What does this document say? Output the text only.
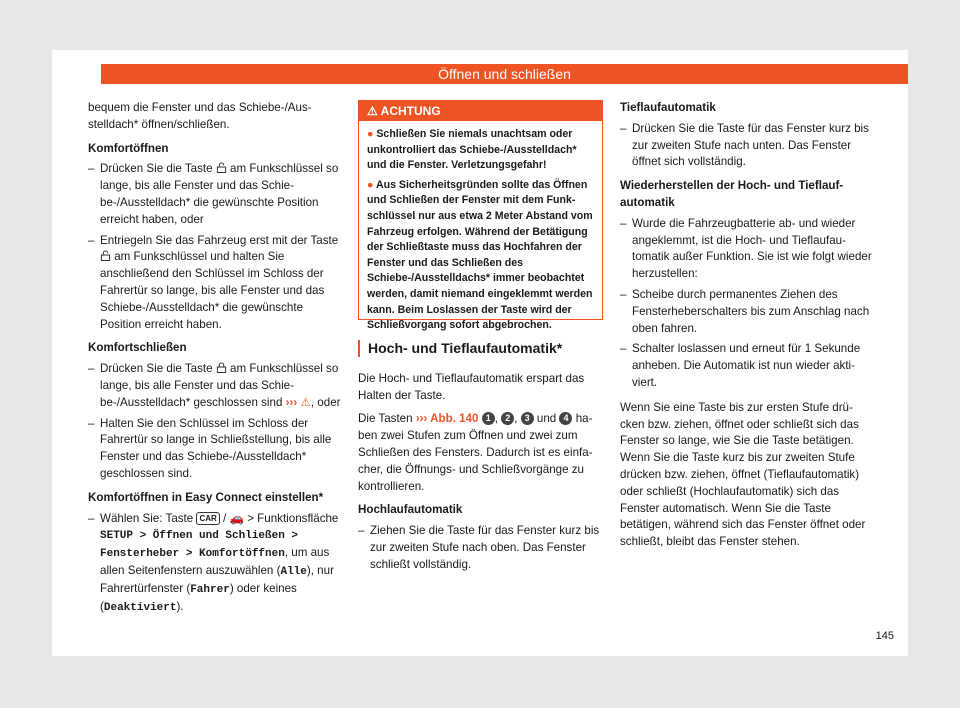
Öffnen und schließen

bequem die Fenster und das Schiebe-/Ausstelldach* öffnen/schließen.

Komfortöffnen
– Drücken Sie die Taste am Funkschlüssel so lange, bis alle Fenster und das Schiebe-/Ausstelldach* die gewünschte Position erreicht haben, oder
– Entriegeln Sie das Fahrzeug erst mit der Taste  am Funkschlüssel und halten Sie anschließend den Schlüssel im Schloss der Fahrertür so lange, bis alle Fenster und das Schiebe-/Ausstelldach* die gewünschte Position erreicht haben.
Komfortschließen
– Drücken Sie die Taste am Funkschlüssel so lange, bis alle Fenster und das Schiebe-/Ausstelldach* geschlossen sind ››› ⚠, oder
– Halten Sie den Schlüssel im Schloss der Fahrertür so lange in Schließstellung, bis alle Fenster und das Schiebe-/Ausstelldach* geschlossen sind.
Komfortöffnen in Easy Connect einstellen*
– Wählen Sie: Taste CAR / 🚗 > Funktionsfläche SETUP > Öffnen und Schließen > Fensterheber > Komfortöffnen, um aus allen Seitenfenstern auszuwählen (Alle), nur Fahrertürfenster (Fahrer) oder keines (Deaktiviert).
⚠ ACHTUNG

● Schließen Sie niemals unachtsam oder unkontrolliert das Schiebe-/Ausstelldach* und die Fenster. Verletzungsgefahr!

● Aus Sicherheitsgründen sollte das Öffnen und Schließen der Fenster mit dem Funkschlüssel nur aus etwa 2 Meter Abstand vom Fahrzeug erfolgen. Während der Betätigung der Schließtaste muss das Hochfahren der Fenster und das Schließen des Schiebe-/Ausstelldachs* immer beobachtet werden, damit niemand eingeklemmt werden kann. Beim Loslassen der Taste wird der Schließvorgang sofort abgebrochen.

Hoch- und Tieflaufautomatik*

Die Hoch- und Tieflaufautomatik erspart das Halten der Taste.

Die Tasten ››› Abb. 140 1 , 2 , 3 und 4 haben zwei Stufen zum Öffnen und zwei zum Schließen des Fensters. Dadurch ist es einfacher, die Öffnungs- und Schließvorgänge zu kontrollieren.

Hochlaufautomatik
– Ziehen Sie die Taste für das Fenster kurz bis zur zweiten Stufe nach oben. Das Fenster schließt vollständig.
Tieflaufautomatik
– Drücken Sie die Taste für das Fenster kurz bis zur zweiten Stufe nach unten. Das Fenster öffnet sich vollständig.
Wiederherstellen der Hoch- und Tieflaufautomatik
– Wurde die Fahrzeugbatterie ab- und wieder angeklemmt, ist die Hoch- und Tieflaufautomatik außer Funktion. Sie ist wie folgt wieder herzustellen:
– Scheibe durch permanentes Ziehen des Fensterheberschalters bis zum Anschlag nach oben fahren.
– Schalter loslassen und erneut für 1 Sekunde anheben. Die Automatik ist nun wieder aktiviert.

Wenn Sie eine Taste bis zur ersten Stufe drücken bzw. ziehen, öffnet oder schließt sich das Fenster so lange, wie Sie die Taste betätigen. Wenn Sie die Taste kurz bis zur zweiten Stufe drücken bzw. ziehen, öffnet (Tieflaufautomatik) oder schließt (Hochlaufautomatik) sich das Fenster automatisch. Wenn Sie die Taste betätigen, während sich das Fenster öffnet oder schließt, bleibt das Fenster stehen.

145
